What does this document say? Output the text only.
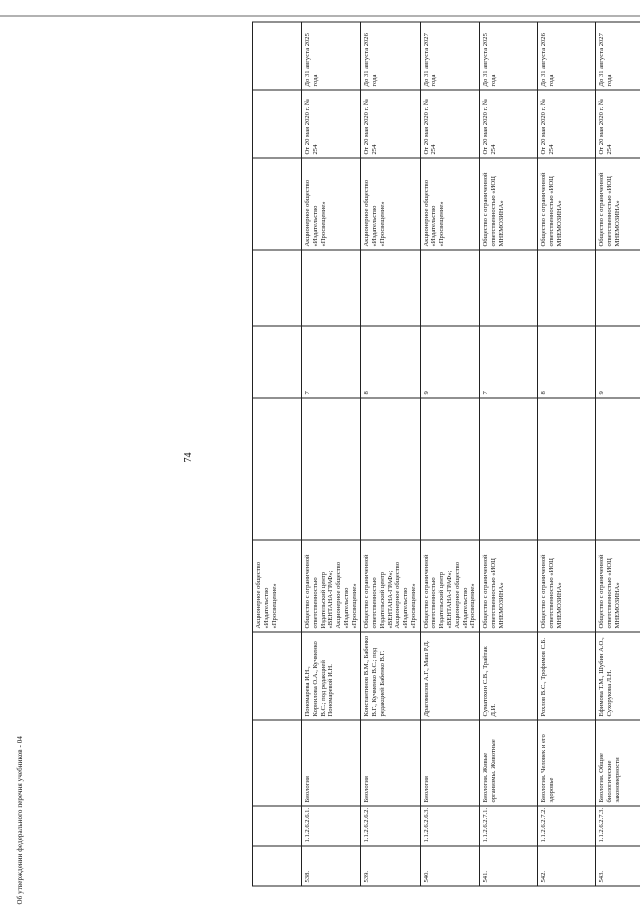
Об утверждении федерального перечня учебников - 04
74
				Акционерное общество «Издательство «Просвещение»						
538.	1.1.2.6.2.6.1.	Биология	Пономарева И.Н., Корнилова О.А., Кучменко В.С.; под редакцией Пономаревой И.Н.	Общество с ограниченной ответственностью Издательский центр «ВЕНТАНА-ГРАФ»; Акционерное общество «Издательство «Просвещение»		7		Акционерное общество «Издательство «Просвещение»	От 20 мая 2020 г. № 254	До 31 августа 2025 года
539.	1.1.2.6.2.6.2.	Биология	Константинов В.М., Бабенко В.Г., Кучменко В.С.; под редакцией Бабенко В.Г.	Общество с ограниченной ответственностью Издательский центр «ВЕНТАНА-ГРАФ»; Акционерное общество «Издательство «Просвещение»		8		Акционерное общество «Издательство «Просвещение»	От 20 мая 2020 г. № 254	До 31 августа 2026 года
540.	1.1.2.6.2.6.3.	Биология	Драгомилов А.Г., Маш Р.Д.	Общество с ограниченной ответственностью Издательский центр «ВЕНТАНА-ГРАФ»; Акционерное общество «Издательство «Просвещение»		9		Акционерное общество «Издательство «Просвещение»	От 20 мая 2020 г. № 254	До 31 августа 2027 года
541.	1.1.2.6.2.7.1.	Биология. Живые организмы. Животные	Суматохин С.В., Трайтак Д.И.	Общество с ограниченной ответственностью «ИОЦ МНЕМОЗИНА»		7		Общество с ограниченной ответственностью «ИОЦ МНЕМОЗИНА»	От 20 мая 2020 г. № 254	До 31 августа 2025 года
542.	1.1.2.6.2.7.2.	Биология. Человек и его здоровье	Рохлов В.С., Трофимов С.Б.	Общество с ограниченной ответственностью «ИОЦ МНЕМОЗИНА»		8		Общество с ограниченной ответственностью «ИОЦ МНЕМОЗИНА»	От 20 мая 2020 г. № 254	До 31 августа 2026 года
543.	1.1.2.6.2.7.3.	Биология. Общие биологические закономерности	Ефимова Т.М., Шубин А.О., Сухорукова Л.Н.	Общество с ограниченной ответственностью «ИОЦ МНЕМОЗИНА»		9		Общество с ограниченной ответственностью «ИОЦ МНЕМОЗИНА»	От 20 мая 2020 г. № 254	До 31 августа 2027 года
